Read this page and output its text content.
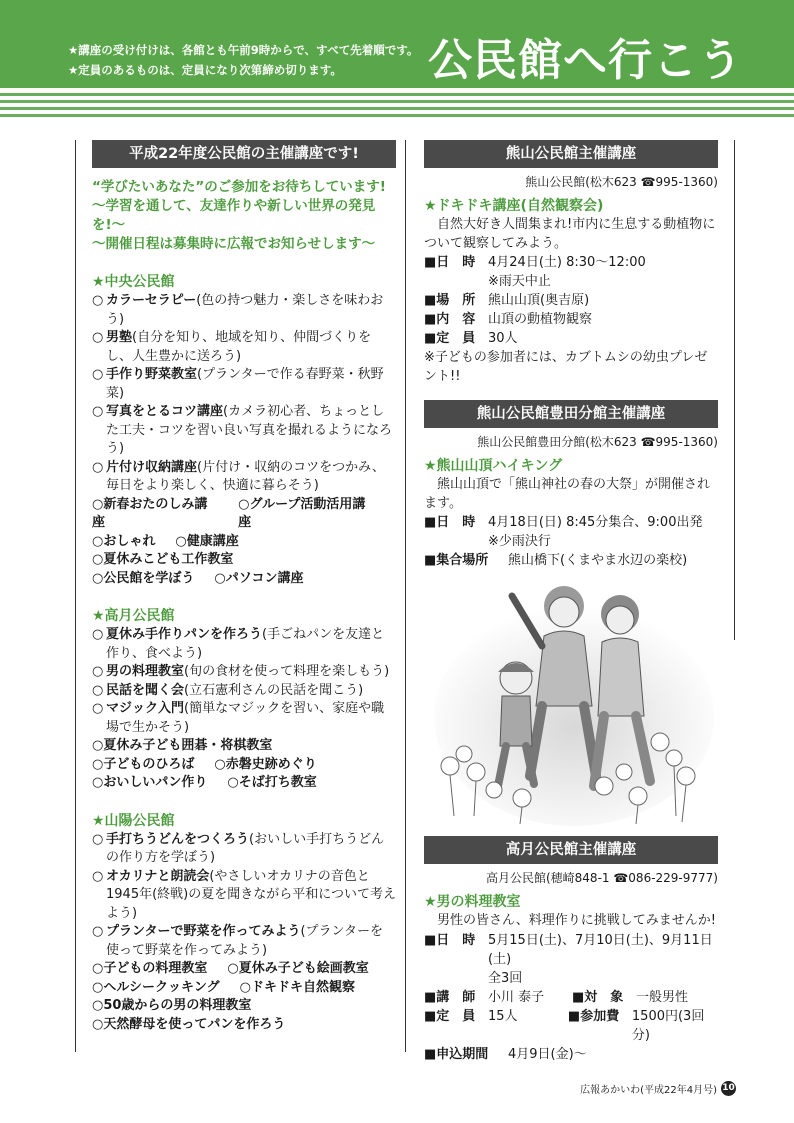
★講座の受け付けは、各館とも午前9時からで、すべて先着順です。
★定員のあるものは、定員になり次第締め切ります。	公民館へ行こう
平成22年度公民館の主催講座です!
“学びたいあなた”のご参加をお待ちしています!
〜学習を通して、友達作りや新しい世界の発見を!〜
〜開催日程は募集時に広報でお知らせします〜
★中央公民館
○ カラーセラピー(色の持つ魅力・楽しさを味わおう)
○ 男塾(自分を知り、地域を知り、仲間づくりをし、人生豊かに送ろう)
○ 手作り野菜教室(プランターで作る春野菜・秋野菜)
○ 写真をとるコツ講座(カメラ初心者、ちょっとした工夫・コツを習い良い写真を撮れるようになろう)
○ 片付け収納講座(片付け・収納のコツをつかみ、毎日をより楽しく、快適に暮らそう)
○新春おたのしみ講座
○グループ活動活用講座
○おしゃれ ○健康講座
○夏休みこども工作教室
○公民館を学ぼう ○パソコン講座
★高月公民館
○ 夏休み手作りパンを作ろう(手ごねパンを友達と作り、食べよう)
○ 男の料理教室(旬の食材を使って料理を楽しもう)
○ 民話を聞く会(立石憲利さんの民話を聞こう)
○ マジック入門(簡単なマジックを習い、家庭や職場で生かそう)
○夏休み子ども囲碁・将棋教室
○子どものひろば ○赤磐史跡めぐり
○おいしいパン作り ○そば打ち教室
★山陽公民館
○ 手打ちうどんをつくろう(おいしい手打ちうどんの作り方を学ぼう)
○ オカリナと朗読会(やさしいオカリナの音色と1945年(終戦)の夏を聞きながら平和について考えよう)
○ プランターで野菜を作ってみよう(プランターを使って野菜を作ってみよう)
○子どもの料理教室 ○夏休み子ども絵画教室
○ヘルシークッキング ○ドキドキ自然観察
○50歳からの男の料理教室
○天然酵母を使ってパンを作ろう
熊山公民館主催講座
熊山公民館(松木623 ☎995-1360)
★ドキドキ講座(自然観察会)
自然大好き人間集まれ!市内に生息する動植物について観察してみよう。
■日　時 4月24日(土) 8:30〜12:00
※雨天中止
■場　所 熊山山頂(奥吉原)
■内　容 山頂の動植物観察
■定　員 30人
※子どもの参加者には、カブトムシの幼虫プレゼント!!
熊山公民館豊田分館主催講座
熊山公民館豊田分館(松木623 ☎995-1360)
★熊山山頂ハイキング
熊山山頂で「熊山神社の春の大祭」が開催されます。
■日　時 4月18日(日) 8:45分集合、9:00出発
※少雨決行
■集合場所	熊山橋下(くまやま水辺の楽校)
高月公民館主催講座
高月公民館(穂崎848-1 ☎086-229-9777)
★男の料理教室
男性の皆さん、料理作りに挑戦してみませんか!
■日　時 5月15日(土)、7月10日(土)、9月11日(土)
全3回
■講　師 小川 泰子	■対　象 一般男性
■定　員 15人	■参加費 1500円(3回分)
■申込期間	4月9日(金)〜
広報あかいわ(平成22年4月号) 10
